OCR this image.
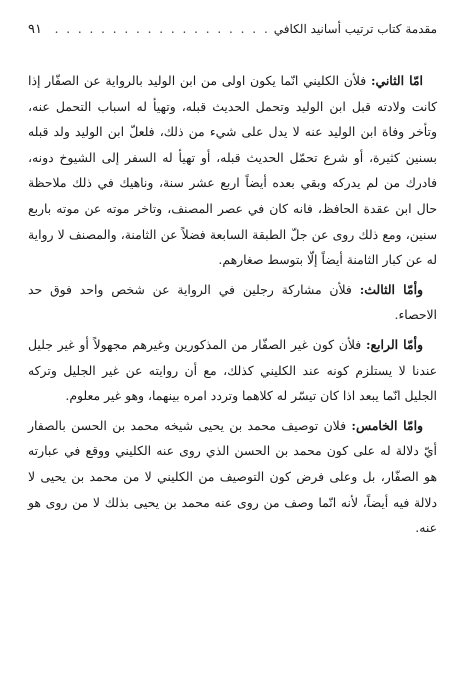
مقدمة كتاب ترتيب أسانيد الكافي
. . .
٩١

امّا الثاني: فلأن الكليني انّما يكون اولى من ابن الوليد بالرواية عن الصفّار إذا كانت ولادته قبل ابن الوليد وتحمل الحديث قبله، وتهيأ له اسباب التحمل عنه، وتأخر وفاة ابن الوليد عنه لا يدل على شيء من ذلك، فلعلّ ابن الوليد ولد قبله بسنين كثيرة، أو شرع تحمّل الحديث قبله، أو تهيأ له السفر إلى الشيوخ دونه، فادرك من لم يدركه وبقي بعده أيضاً اربع عشر سنة، وناهيك في ذلك ملاحظة حال ابن عقدة الحافظ، فانه كان في عصر المصنف، وتاخر موته عن موته باربع سنين، ومع ذلك روى عن جلّ الطبقة السابعة فضلاً عن الثامنة، والمصنف لا رواية له عن كبار الثامنة أيضاً إلّا بتوسط صغارهم.

وأمّا الثالث: فلأن مشاركة رجلين في الرواية عن شخص واحد فوق حد الاحصاء.

وأمّا الرابع: فلأن كون غير الصفّار من المذكورين وغيرهم مجهولاً أو غير جليل عندنا لا يستلزم كونه عند الكليني كذلك، مع أن روايته عن غير الجليل وتركه الجليل انّما يبعد اذا كان تيسّر له كلاهما وتردد امره بينهما، وهو غير معلوم.

وامّا الخامس: فلان توصيف محمد بن يحيى شيخه محمد بن الحسن بالصفار أيّ دلالة له على كون محمد بن الحسن الذي روى عنه الكليني ووقع في عبارته هو الصفّار، بل وعلى فرض كون التوصيف من الكليني لا من محمد بن يحيى لا دلالة فيه أيضاً، لأنه انّما وصف من روى عنه محمد بن يحيى بذلك لا من روى هو عنه.
